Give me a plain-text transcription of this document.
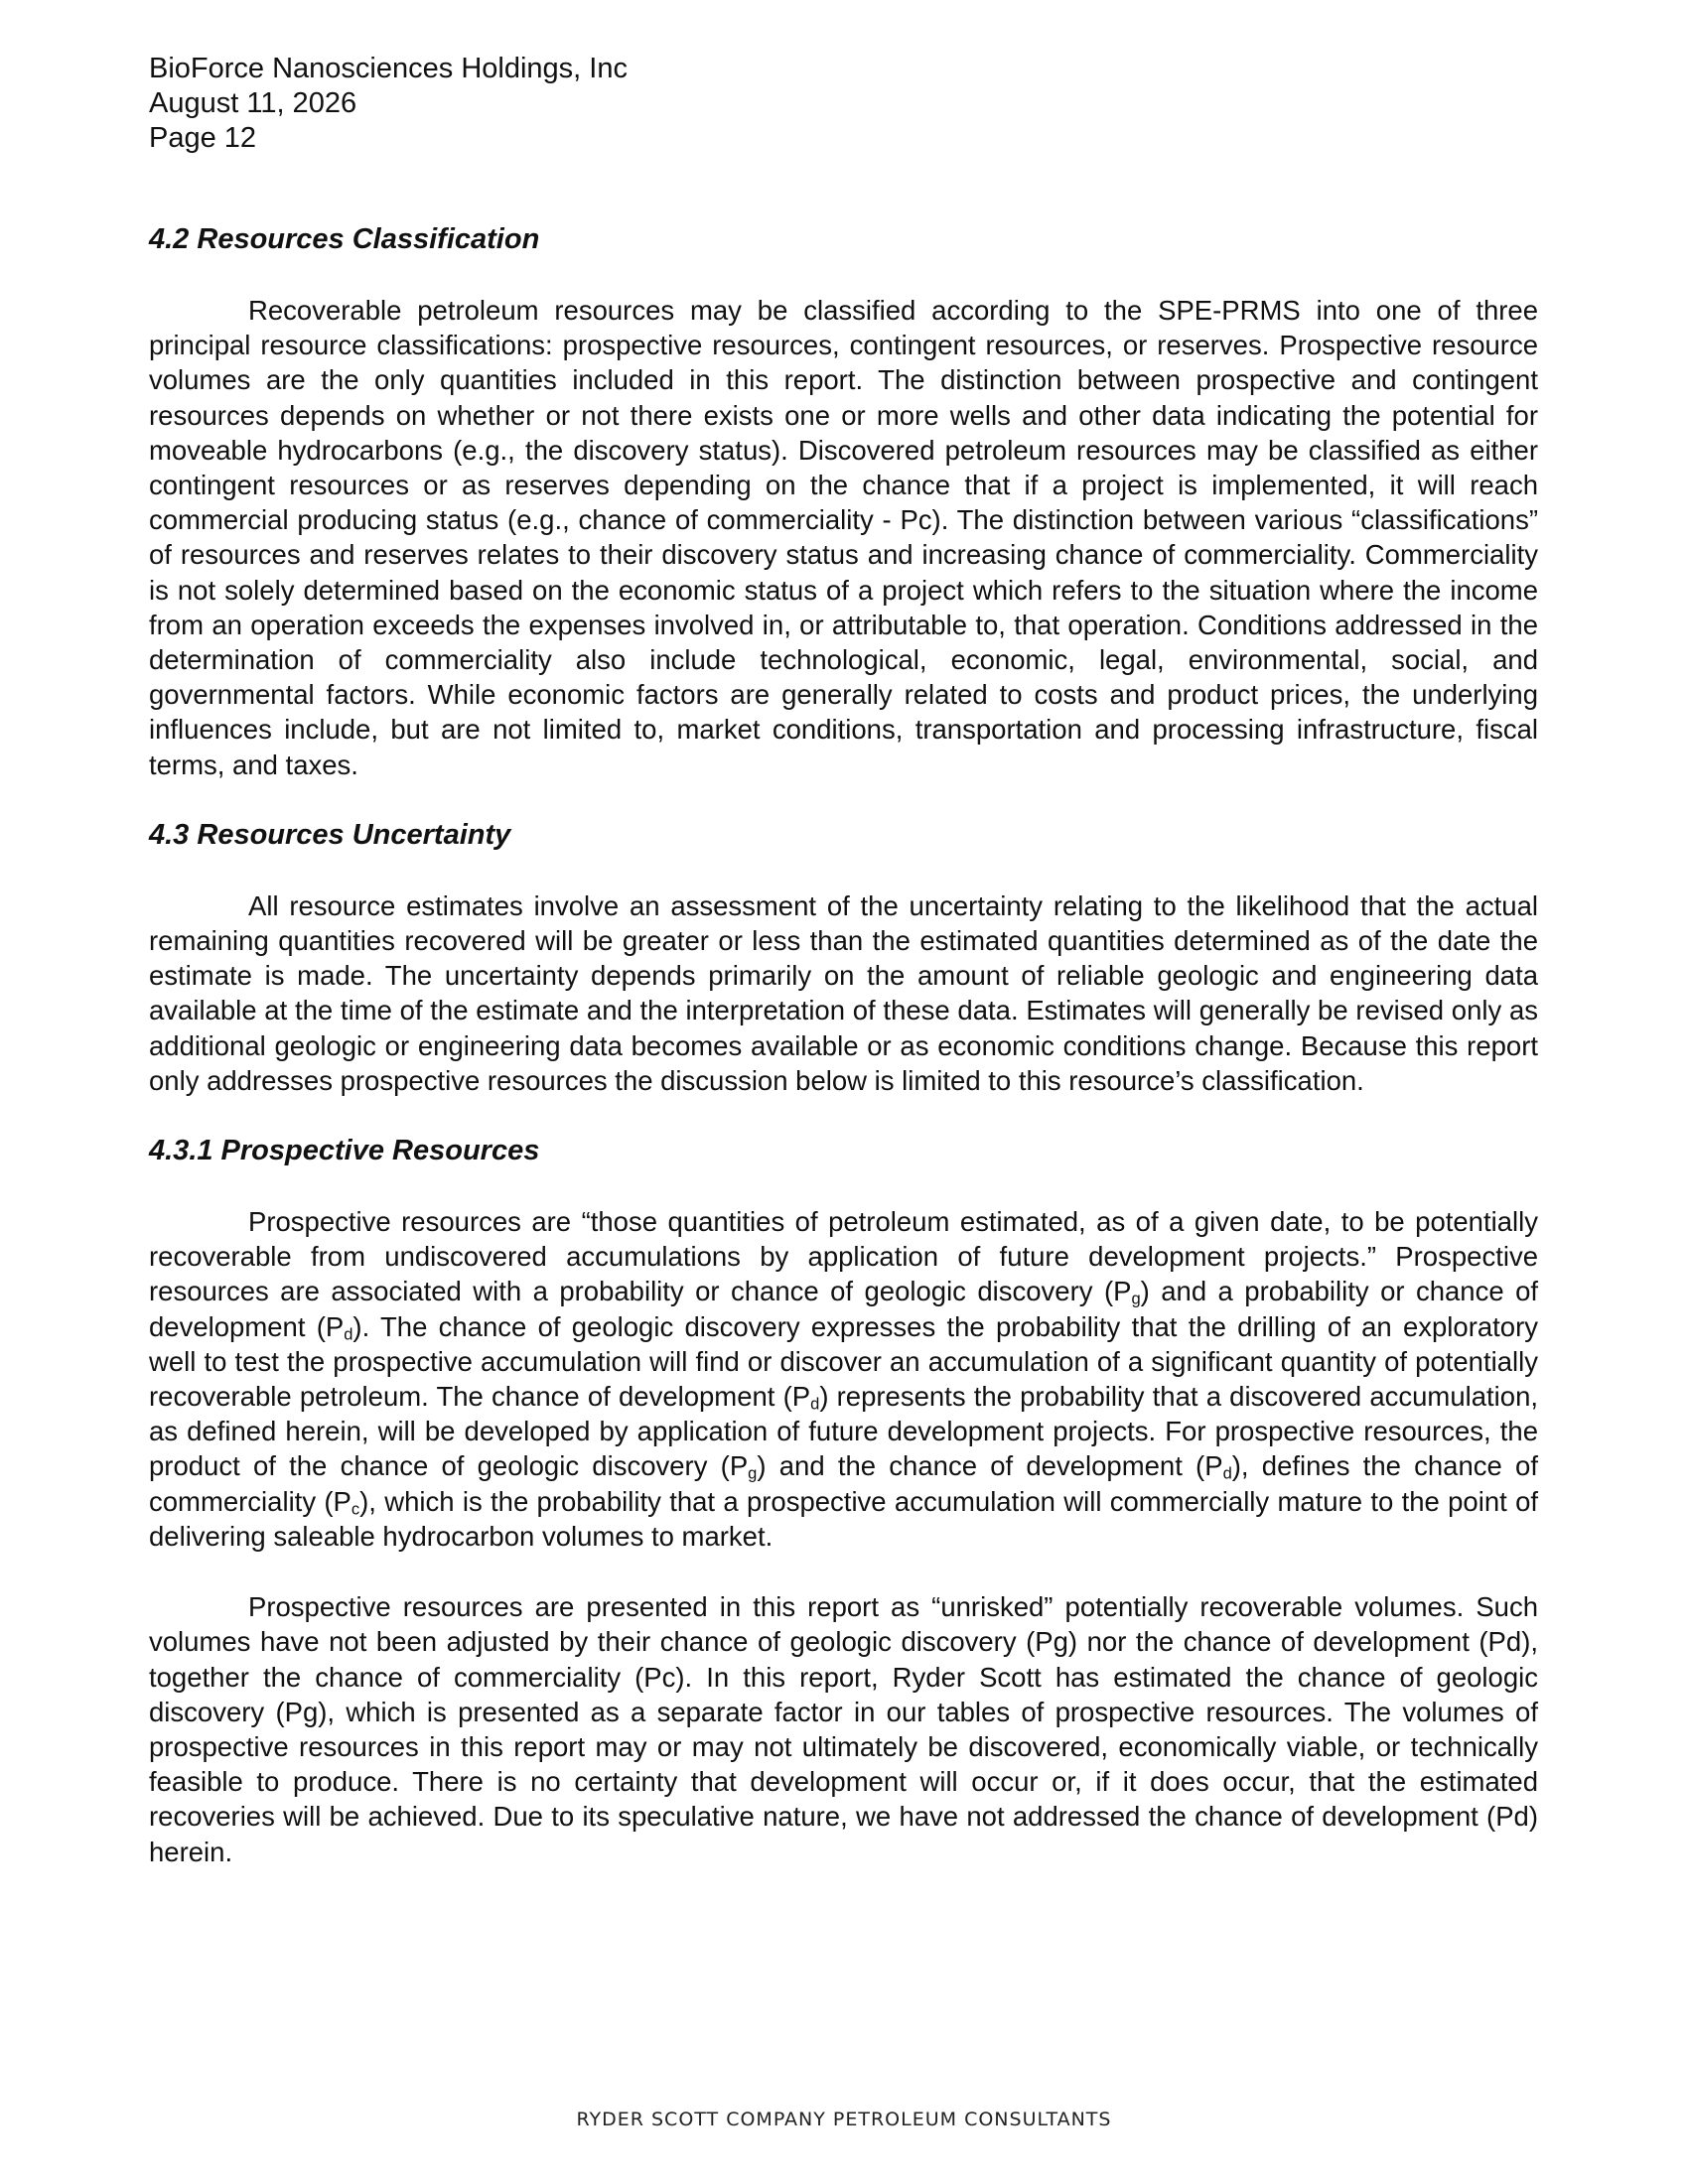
BioForce Nanosciences Holdings, Inc
August 11, 2026
Page 12
4.2 Resources Classification

Recoverable petroleum resources may be classified according to the SPE-PRMS into one of three principal resource classifications: prospective resources, contingent resources, or reserves. Prospective resource volumes are the only quantities included in this report. The distinction between prospective and contingent resources depends on whether or not there exists one or more wells and other data indicating the potential for moveable hydrocarbons (e.g., the discovery status). Discovered petroleum resources may be classified as either contingent resources or as reserves depending on the chance that if a project is implemented, it will reach commercial producing status (e.g., chance of commerciality - Pc). The distinction between various “classifications” of resources and reserves relates to their discovery status and increasing chance of commerciality. Commerciality is not solely determined based on the economic status of a project which refers to the situation where the income from an operation exceeds the expenses involved in, or attributable to, that operation. Conditions addressed in the determination of commerciality also include technological, economic, legal, environmental, social, and governmental factors. While economic factors are generally related to costs and product prices, the underlying influences include, but are not limited to, market conditions, transportation and processing infrastructure, fiscal terms, and taxes.

4.3 Resources Uncertainty

All resource estimates involve an assessment of the uncertainty relating to the likelihood that the actual remaining quantities recovered will be greater or less than the estimated quantities determined as of the date the estimate is made. The uncertainty depends primarily on the amount of reliable geologic and engineering data available at the time of the estimate and the interpretation of these data. Estimates will generally be revised only as additional geologic or engineering data becomes available or as economic conditions change. Because this report only addresses prospective resources the discussion below is limited to this resource’s classification.

4.3.1 Prospective Resources

Prospective resources are “those quantities of petroleum estimated, as of a given date, to be potentially recoverable from undiscovered accumulations by application of future development projects.” Prospective resources are associated with a probability or chance of geologic discovery $(P_g)$ and a probability or chance of development $(P_d)$. The chance of geologic discovery expresses the probability that the drilling of an exploratory well to test the prospective accumulation will find or discover an accumulation of a significant quantity of potentially recoverable petroleum. The chance of development $(P_d)$ represents the probability that a discovered accumulation, as defined herein, will be developed by application of future development projects. For prospective resources, the product of the chance of geologic discovery $(P_g)$ and the chance of development $(P_d)$, defines the chance of commerciality $(P_c)$, which is the probability that a prospective accumulation will commercially mature to the point of delivering saleable hydrocarbon volumes to market.

Prospective resources are presented in this report as “unrisked” potentially recoverable volumes. Such volumes have not been adjusted by their chance of geologic discovery (Pg) nor the chance of development (Pd), together the chance of commerciality (Pc). In this report, Ryder Scott has estimated the chance of geologic discovery (Pg), which is presented as a separate factor in our tables of prospective resources. The volumes of prospective resources in this report may or may not ultimately be discovered, economically viable, or technically feasible to produce. There is no certainty that development will occur or, if it does occur, that the estimated recoveries will be achieved. Due to its speculative nature, we have not addressed the chance of development (Pd) herein.

RYDER SCOTT COMPANY PETROLEUM CONSULTANTS
